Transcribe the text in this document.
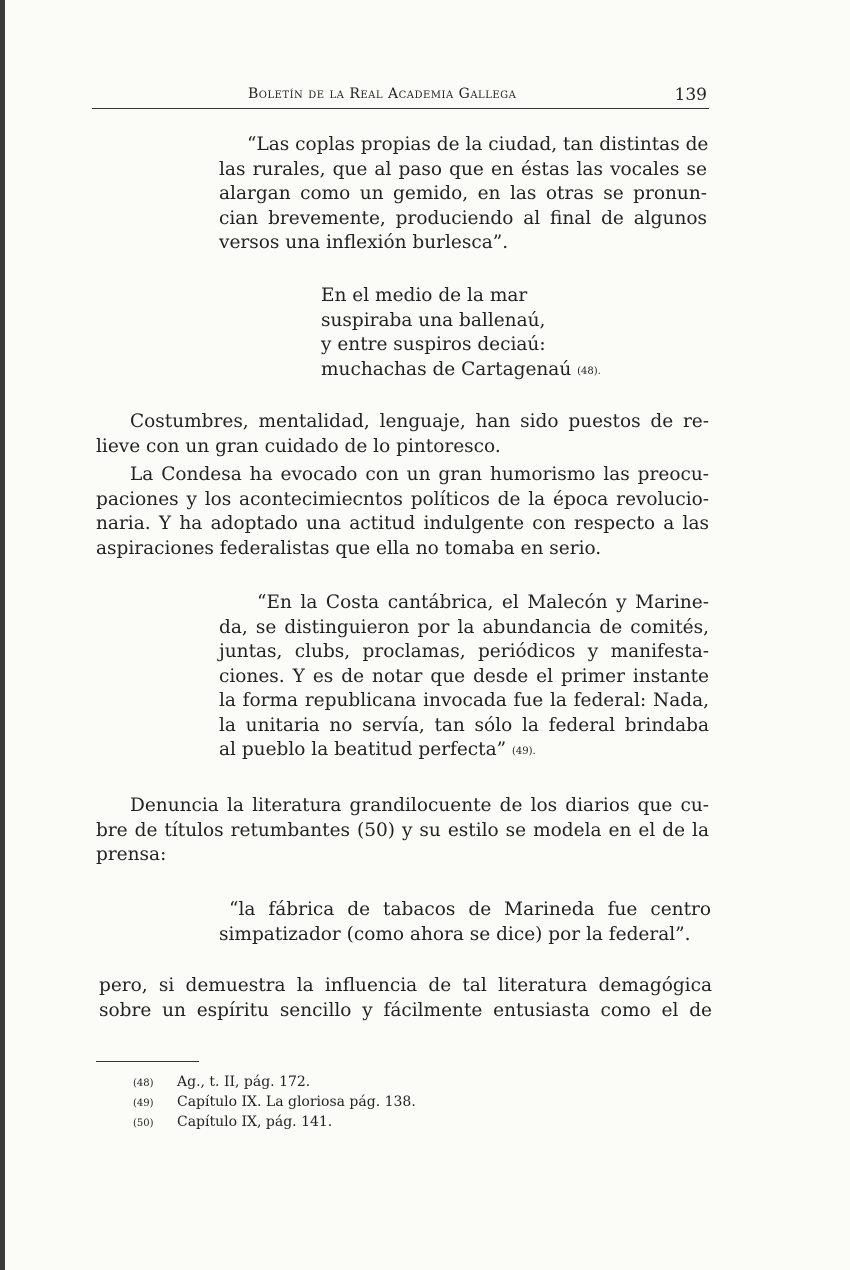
Boletín de la Real Academia Gallega	139
“Las coplas propias de la ciudad, tan distintas de
las rurales, que al paso que en éstas las vocales se
alargan como un gemido, en las otras se pronun-
cian brevemente, produciendo al final de algunos
versos una inflexión burlesca”.
En el medio de la mar
suspiraba una ballenaú,
y entre suspiros deciaú:
muchachas de Cartagenaú (48).
Costumbres, mentalidad, lenguaje, han sido puestos de re-
lieve con un gran cuidado de lo pintoresco.
La Condesa ha evocado con un gran humorismo las preocu-
paciones y los acontecimiecntos políticos de la época revolucio-
naria. Y ha adoptado una actitud indulgente con respecto a las
aspiraciones federalistas que ella no tomaba en serio.
“En la Costa cantábrica, el Malecón y Marine-
da, se distinguieron por la abundancia de comités,
juntas, clubs, proclamas, periódicos y manifesta-
ciones. Y es de notar que desde el primer instante
la forma republicana invocada fue la federal: Nada,
la unitaria no servía, tan sólo la federal brindaba
al pueblo la beatitud perfecta” (49).
Denuncia la literatura grandilocuente de los diarios que cu-
bre de títulos retumbantes (50) y su estilo se modela en el de la
prensa:
“la fábrica de tabacos de Marineda fue centro
simpatizador (como ahora se dice) por la federal”.
pero, si demuestra la influencia de tal literatura demagógica
sobre un espíritu sencillo y fácilmente entusiasta como el de
(48) Ag., t. II, pág. 172.
(49) Capítulo IX. La gloriosa pág. 138.
(50) Capítulo IX, pág. 141.
